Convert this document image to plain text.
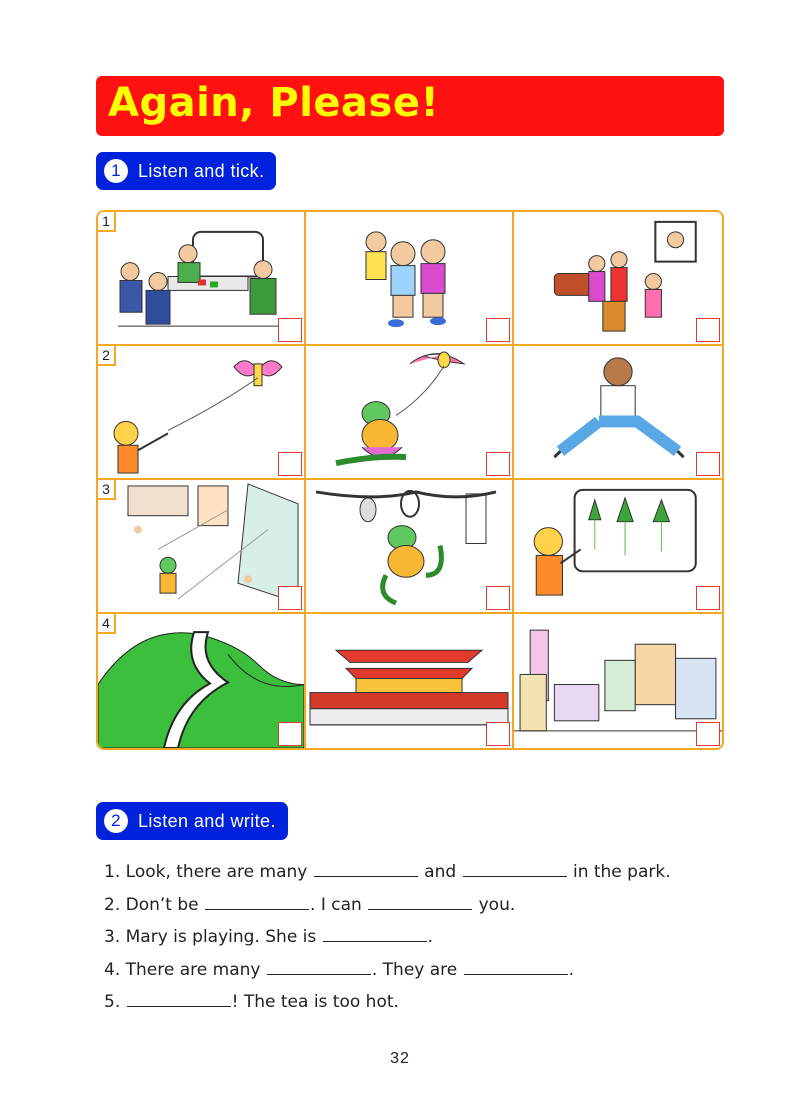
Again, Please!
1 Listen and tick.
1
2
3
4
2 Listen and write.
1. Look, there are many	and	in the park.
2. Don’t be	. I can	you.
3. Mary is playing. She is	.
4. There are many	. They are	.
5.	! The tea is too hot.
32
